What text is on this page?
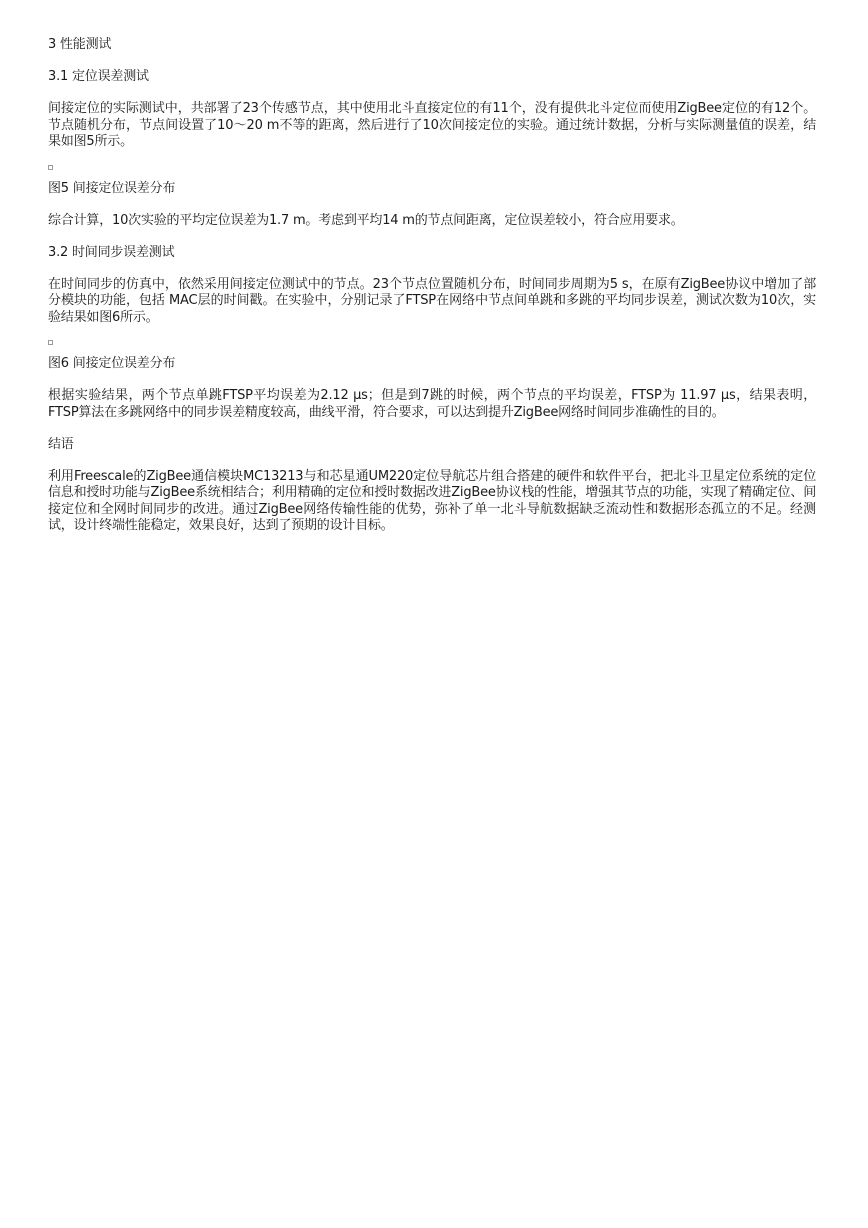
3 性能测试

3.1 定位误差测试

间接定位的实际测试中，共部署了23个传感节点，其中使用北斗直接定位的有11个，没有提供北斗定位而使用ZigBee定位的有12个。节点随机分布，节点间设置了10～20 m不等的距离，然后进行了10次间接定位的实验。通过统计数据，分析与实际测量值的误差，结果如图5所示。

图5 间接定位误差分布

综合计算，10次实验的平均定位误差为1.7 m。考虑到平均14 m的节点间距离，定位误差较小，符合应用要求。

3.2 时间同步误差测试

在时间同步的仿真中，依然采用间接定位测试中的节点。23个节点位置随机分布，时间同步周期为5 s，在原有ZigBee协议中增加了部分模块的功能，包括 MAC层的时间戳。在实验中，分别记录了FTSP在网络中节点间单跳和多跳的平均同步误差，测试次数为10次，实验结果如图6所示。

图6 间接定位误差分布

根据实验结果，两个节点单跳FTSP平均误差为2.12 μs；但是到7跳的时候，两个节点的平均误差，FTSP为 11.97 μs，结果表明，FTSP算法在多跳网络中的同步误差精度较高，曲线平滑，符合要求，可以达到提升ZigBee网络时间同步准确性的目的。

结语

利用Freescale的ZigBee通信模块MC13213与和芯星通UM220定位导航芯片组合搭建的硬件和软件平台，把北斗卫星定位系统的定位信息和授时功能与ZigBee系统相结合；利用精确的定位和授时数据改进ZigBee协议栈的性能，增强其节点的功能，实现了精确定位、间接定位和全网时间同步的改进。通过ZigBee网络传输性能的优势，弥补了单一北斗导航数据缺乏流动性和数据形态孤立的不足。经测试，设计终端性能稳定，效果良好，达到了预期的设计目标。
